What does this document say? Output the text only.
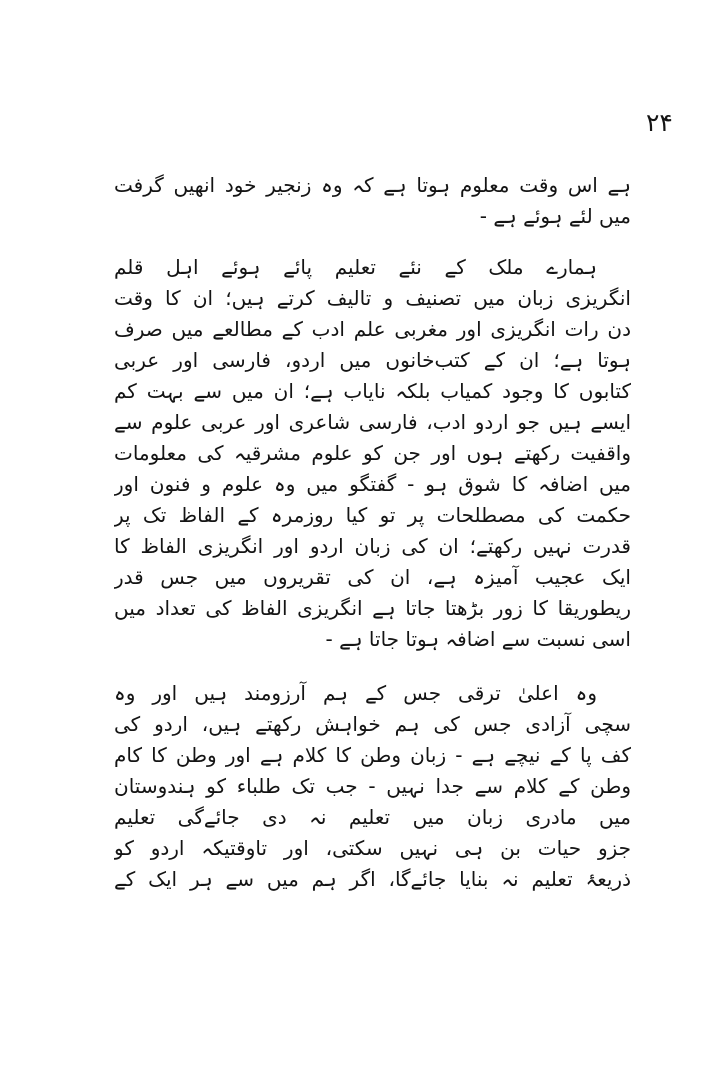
۲۴
ہے اس وقت معلوم ہوتا ہے کہ وہ زنجیر خود انھیں گرفت
میں لئے ہوئے ہے -
ہمارے ملک کے نئے تعلیم پائے ہوئے اہل قلم
انگریزی زبان میں تصنیف و تالیف کرتے ہیں؛ ان کا وقت
دن رات انگریزی اور مغربی علم ادب کے مطالعے میں صرف
ہوتا ہے؛ ان کے کتب‌خانوں میں اردو، فارسی اور عربی
کتابوں کا وجود کمیاب بلکہ نایاب ہے؛ ان میں سے بہت کم
ایسے ہیں جو اردو ادب، فارسی شاعری اور عربی علوم سے
واقفیت رکھتے ہوں اور جن کو علوم مشرقیہ کی معلومات
میں اضافہ کا شوق ہو - گفتگو میں وہ علوم و فنون اور
حکمت کی مصطلحات پر تو کیا روزمرہ کے الفاظ تک پر
قدرت نہیں رکھتے؛ ان کی زبان اردو اور انگریزی الفاظ کا
ایک عجیب آمیزہ ہے، ان کی تقریروں میں جس قدر
ریطوریقا کا زور بڑھتا جاتا ہے انگریزی الفاظ کی تعداد میں
اسی نسبت سے اضافہ ہوتا جاتا ہے -
وہ اعلیٰ ترقی جس کے ہم آرزومند ہیں اور وہ
سچی آزادی جس کی ہم خواہش رکھتے ہیں، اردو کی
کف پا کے نیچے ہے - زبان وطن کا کلام ہے اور وطن کا کام
وطن کے کلام سے جدا نہیں - جب تک طلباء کو ہندوستان
میں مادری زبان میں تعلیم نہ دی جائےگی تعلیم
جزو حیات بن ہی نہیں سکتی، اور تاوقتیکہ اردو کو
ذریعۂ تعلیم نہ بنایا جائےگا، اگر ہم میں سے ہر ایک کے
